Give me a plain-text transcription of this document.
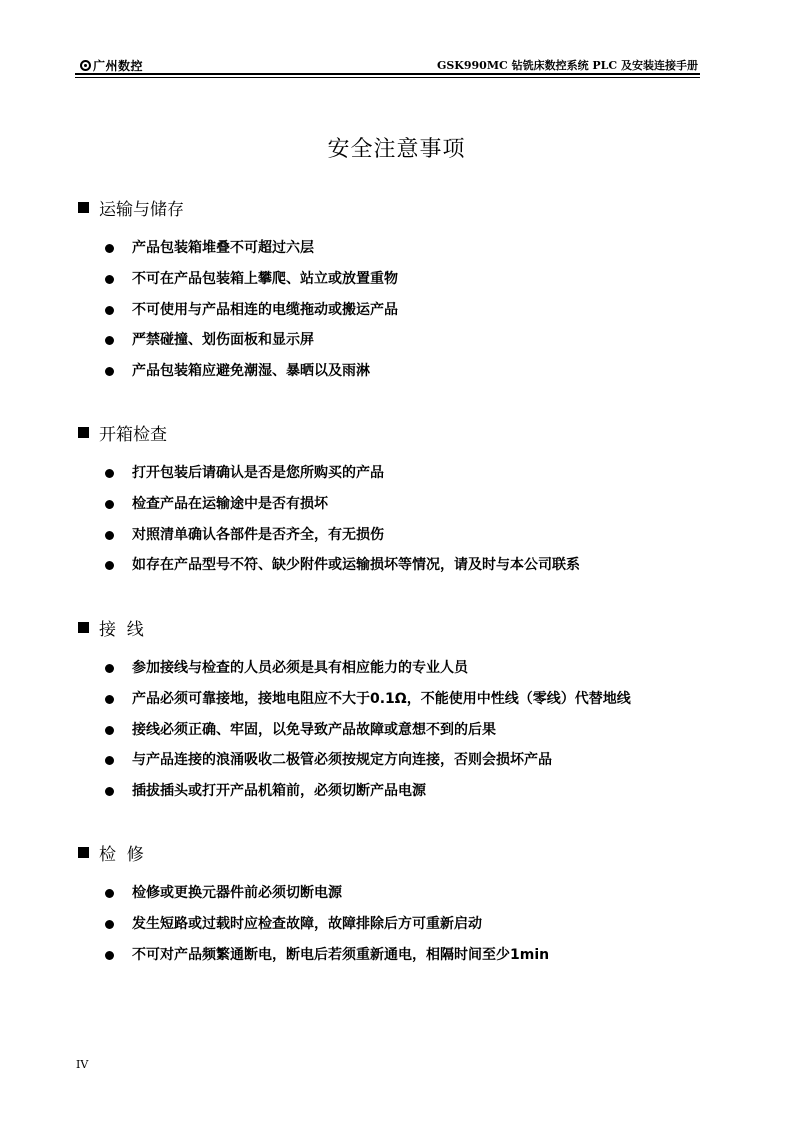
广州数控	GSK990MC 钻铣床数控系统 PLC 及安装连接手册
安全注意事项
运输与储存
产品包装箱堆叠不可超过六层
不可在产品包装箱上攀爬、站立或放置重物
不可使用与产品相连的电缆拖动或搬运产品
严禁碰撞、划伤面板和显示屏
产品包装箱应避免潮湿、暴晒以及雨淋
开箱检查
打开包装后请确认是否是您所购买的产品
检查产品在运输途中是否有损坏
对照清单确认各部件是否齐全，有无损伤
如存在产品型号不符、缺少附件或运输损坏等情况，请及时与本公司联系
接  线
参加接线与检查的人员必须是具有相应能力的专业人员
产品必须可靠接地，接地电阻应不大于0.1Ω，不能使用中性线（零线）代替地线
接线必须正确、牢固，以免导致产品故障或意想不到的后果
与产品连接的浪涌吸收二极管必须按规定方向连接，否则会损坏产品
插拔插头或打开产品机箱前，必须切断产品电源
检  修
检修或更换元器件前必须切断电源
发生短路或过载时应检查故障，故障排除后方可重新启动
不可对产品频繁通断电，断电后若须重新通电，相隔时间至少1min
IV
